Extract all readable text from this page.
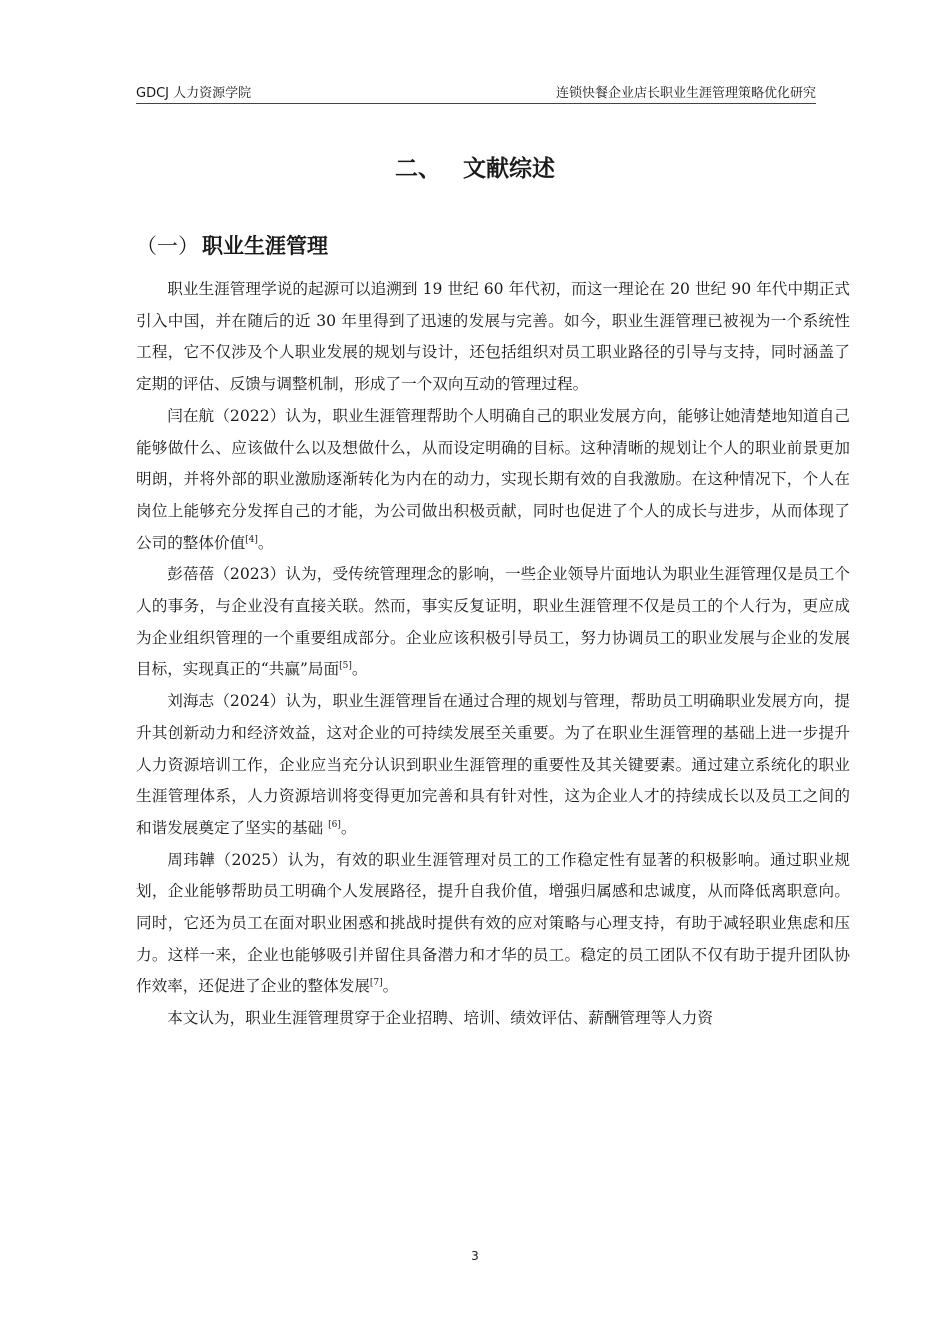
GDCJ 人力资源学院	连锁快餐企业店长职业生涯管理策略优化研究
二、 文献综述
（一） 职业生涯管理

职业生涯管理学说的起源可以追溯到 19 世纪 60 年代初，而这一理论在 20 世纪 90 年代中期正式引入中国，并在随后的近 30 年里得到了迅速的发展与完善。如今，职业生涯管理已被视为一个系统性工程，它不仅涉及个人职业发展的规划与设计，还包括组织对员工职业路径的引导与支持，同时涵盖了定期的评估、反馈与调整机制，形成了一个双向互动的管理过程。

闫在航（2022）认为，职业生涯管理帮助个人明确自己的职业发展方向，能够让她清楚地知道自己能够做什么、应该做什么以及想做什么，从而设定明确的目标。这种清晰的规划让个人的职业前景更加明朗，并将外部的职业激励逐渐转化为内在的动力，实现长期有效的自我激励。在这种情况下，个人在岗位上能够充分发挥自己的才能，为公司做出积极贡献，同时也促进了个人的成长与进步，从而体现了公司的整体价值[4]。

彭蓓蓓（2023）认为，受传统管理理念的影响，一些企业领导片面地认为职业生涯管理仅是员工个人的事务，与企业没有直接关联。然而，事实反复证明，职业生涯管理不仅是员工的个人行为，更应成为企业组织管理的一个重要组成部分。企业应该积极引导员工，努力协调员工的职业发展与企业的发展目标，实现真正的“共赢”局面[5]。

刘海志（2024）认为，职业生涯管理旨在通过合理的规划与管理，帮助员工明确职业发展方向，提升其创新动力和经济效益，这对企业的可持续发展至关重要。为了在职业生涯管理的基础上进一步提升人力资源培训工作，企业应当充分认识到职业生涯管理的重要性及其关键要素。通过建立系统化的职业生涯管理体系，人力资源培训将变得更加完善和具有针对性，这为企业人才的持续成长以及员工之间的和谐发展奠定了坚实的基础 [6]。

周玮韡（2025）认为，有效的职业生涯管理对员工的工作稳定性有显著的积极影响。通过职业规划，企业能够帮助员工明确个人发展路径，提升自我价值，增强归属感和忠诚度，从而降低离职意向。同时，它还为员工在面对职业困惑和挑战时提供有效的应对策略与心理支持，有助于减轻职业焦虑和压力。这样一来，企业也能够吸引并留住具备潜力和才华的员工。稳定的员工团队不仅有助于提升团队协作效率，还促进了企业的整体发展[7]。

本文认为，职业生涯管理贯穿于企业招聘、培训、绩效评估、薪酬管理等人力资

3
